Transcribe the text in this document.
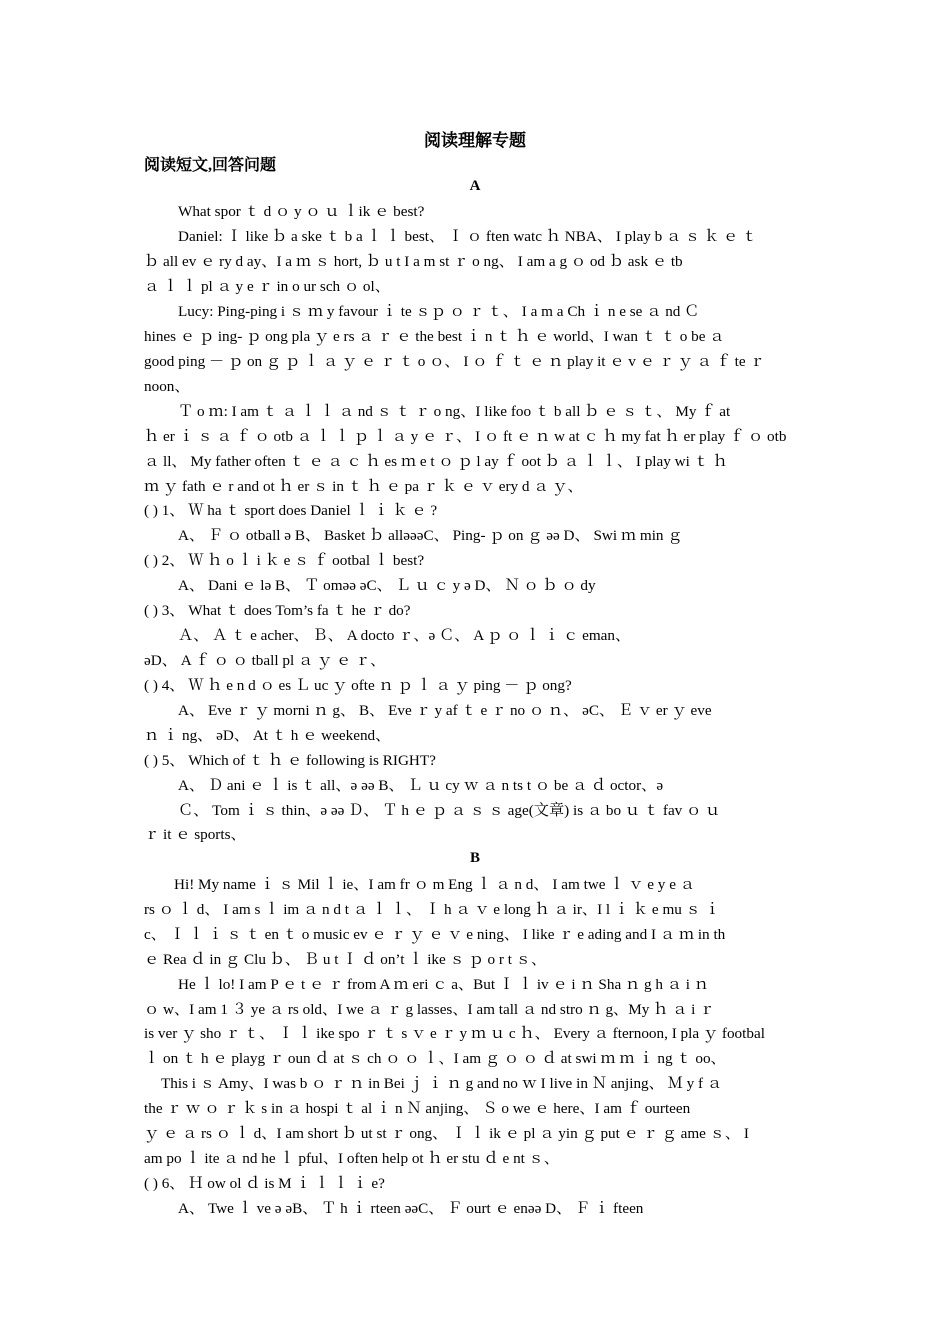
阅读理解专题
阅读短文,回答问题
A
What spor ｔ d ｏ y ｏ ｕ ｌik ｅ best?
Daniel: Ｉ like ｂ a ske ｔ b a ｌ ｌ best、 Ｉ ｏ ften watc ｈ NBA、 I play b ａ ｓ ｋ ｅ ｔ
ｂ all ev ｅ ry d ay、I a ｍ ｓ hort, ｂ u t I a m st ｒ o ng、 I am a g ｏ od ｂ ask ｅ tb
ａ ｌ ｌ pl ａ y e ｒ in o ur sch ｏ ol、
Lucy: Ping-ping i ｓ ｍ y favour ｉ te ｓｐ ｏ ｒ ｔ、 I a m a Ch ｉ n e se ａ nd Ｃ
hines ｅ ｐ ing- ｐ ong pla ｙ e rs ａ ｒ ｅ the best ｉ n ｔ ｈ ｅ world、I wan ｔ ｔ o be ａ
good ping － ｐ on ｇ ｐ ｌ ａ ｙ ｅ ｒ ｔ o ｏ、 I ｏ ｆ ｔ ｅ ｎ play it ｅ v ｅ ｒ ｙ ａ ｆ te ｒ
noon、
Ｔ o ｍ: I am ｔ ａ ｌ ｌ ａ nd ｓ ｔ ｒ o ng、I like foo ｔ b all ｂ ｅ ｓ ｔ、 My ｆ at
ｈ er ｉ ｓ ａ ｆ ｏ otb ａ ｌ ｌ ｐ ｌ ａ y ｅ ｒ、 I ｏ ft ｅ ｎ w at ｃ ｈ my fat ｈ er play ｆ ｏ otb
ａ ll、 My father often ｔ ｅ ａ ｃ ｈ es ｍ e t ｏ ｐ l ay ｆ oot ｂ ａ ｌ ｌ、 I play wi ｔ ｈ
ｍ ｙ fath ｅ r and ot ｈ er ｓ in ｔ ｈ ｅ pa ｒ ｋ ｅ ｖ ery d ａ ｙ、
( ) 1、 Ｗ ha ｔ sport does Daniel ｌ ｉ ｋ ｅ ?
A、 Ｆ ｏ otball ǝ B、 Basket ｂ allǝǝǝC、 Ping- ｐ on ｇ ǝǝ D、 Swi ｍ min ｇ
( ) 2、 Ｗ ｈ o ｌ i ｋ e ｓ ｆ ootbal ｌ best?
A、 Dani ｅ lǝ B、 Ｔ omǝǝ ǝC、 Ｌ ｕ ｃ y ǝ D、 Ｎ ｏ ｂ ｏ dy
( ) 3、 What ｔ does Tom’s fa ｔ he ｒ do?
Ａ、 Ａ ｔ e acher、 Ｂ、 A docto ｒ、ǝ Ｃ、 A ｐ ｏ ｌ ｉ ｃ eman、
ǝD、 A ｆ ｏ ｏ tball pl ａ ｙ ｅ ｒ、
( ) 4、 Ｗ ｈ e n d ｏ es Ｌ uc ｙ ofte ｎ ｐ ｌ ａ ｙ ping － ｐ ong?
A、 Eve ｒ ｙ morni ｎ g、 B、 Eve ｒ y af ｔ e ｒ no ｏ ｎ、 ǝC、 Ｅ ｖ er ｙ eve
ｎ ｉ ng、 ǝD、 At ｔ h ｅ weekend、
( ) 5、 Which of ｔ ｈ ｅ following is RIGHT?
A、 Ｄ ani ｅ ｌ is ｔ all、ǝ ǝǝ B、 Ｌ ｕ cy ｗ ａ n ts t ｏ be ａ ｄ octor、ǝ
Ｃ、 Tom ｉ ｓ thin、ǝ ǝǝ Ｄ、 Ｔ h ｅ ｐ ａ ｓ ｓ age(文章) is ａ bo ｕ ｔ fav ｏ ｕ
ｒ it ｅ sports、
B
Hi! My name ｉ ｓ Mil ｌ ie、I am fr ｏ m Eng ｌ ａ n d、 I am twe ｌ ｖ e y e ａ
rs ｏ ｌ d、 I am s ｌ im ａ n d t ａ ｌ ｌ、 Ｉ h ａ ｖ e long ｈ ａ ir、I l ｉ ｋ e mu ｓ ｉ
c、 Ｉ ｌ ｉ ｓ ｔ en ｔ o music ev ｅ ｒ ｙ ｅ ｖ e ning、 I like ｒ e ading and I ａ ｍ in th
ｅ Rea ｄ in ｇ Clu ｂ、 Ｂ u t Ｉ ｄ on’t ｌ ike ｓ ｐ o r t ｓ、
He ｌ lo! I am P ｅ t ｅ ｒ from A ｍ eri ｃ a、But Ｉ ｌ iv ｅ i ｎ Sha ｎ g h ａ i ｎ
ｏ w、I am 1 ３ ye ａ rs old、I we ａ ｒ g lasses、I am tall ａ nd stro ｎ g、My ｈ ａ i ｒ
is ver ｙ sho ｒ ｔ、 Ｉ ｌ ike spo ｒ ｔ s ｖ e ｒ y ｍ ｕ c ｈ、 Every ａ fternoon, I pla ｙ footbal
ｌ on ｔ h ｅ playg ｒ oun ｄ at ｓ ch ｏ ｏ ｌ、I am ｇ ｏ ｏ ｄ at swi ｍ ｍ ｉ ng ｔ oo、
This i ｓ Amy、I was b ｏ ｒ ｎ in Bei ｊ ｉ ｎ g and no ｗ I live in Ｎ anjing、 Ｍ y f ａ
the ｒ ｗ ｏ ｒ ｋ s in ａ hospi ｔ al ｉ n Ｎ anjing、 Ｓ o we ｅ here、I am ｆ ourteen
ｙ ｅ ａ rs ｏ ｌ d、I am short ｂ ut st ｒ ong、 Ｉ ｌ ik ｅ pl ａ yin ｇ put ｅ ｒ ｇ ame ｓ、 I
am po ｌ ite ａ nd he ｌ pful、I often help ot ｈ er stu ｄ e nt ｓ、
( ) 6、 Ｈ ow ol ｄ is M ｉ ｌ ｌ ｉ e?
A、 Twe ｌ ve ǝ ǝB、 Ｔ h ｉ rteen ǝǝC、 Ｆ ourt ｅ enǝǝ D、 Ｆ ｉ fteen
